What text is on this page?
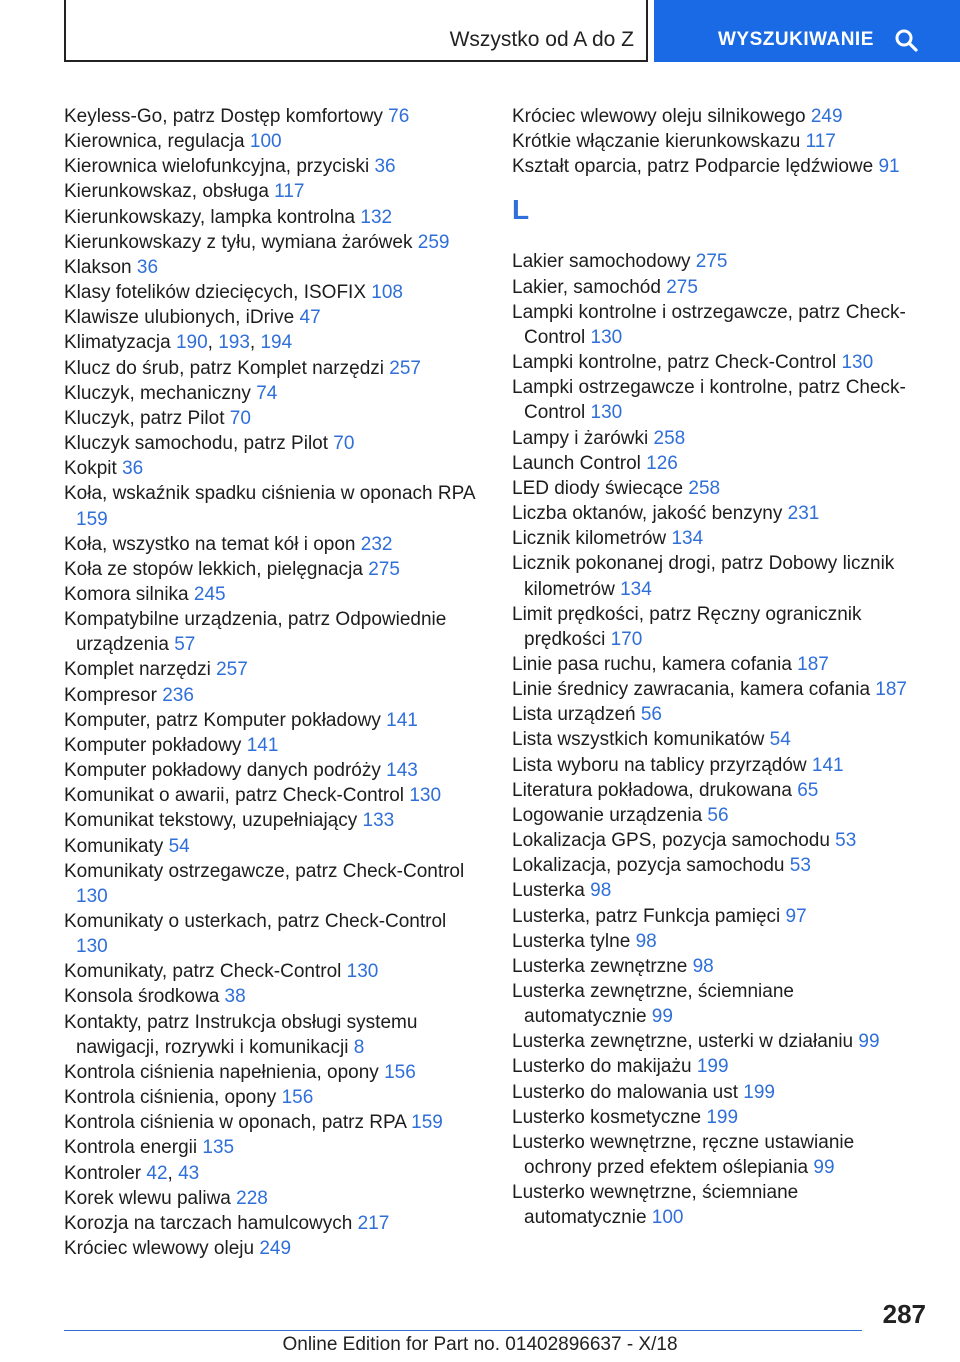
Wszystko od A do Z	WYSZUKIWANIE

Keyless-Go, patrz Dostęp komfortowy 76

Kierownica, regulacja 100

Kierownica wielofunkcyjna, przyciski 36

Kierunkowskaz, obsługa 117

Kierunkowskazy, lampka kontrolna 132

Kierunkowskazy z tyłu, wymiana żarówek 259

Klakson 36

Klasy fotelików dziecięcych, ISOFIX 108

Klawisze ulubionych, iDrive 47

Klimatyzacja 190, 193, 194

Klucz do śrub, patrz Komplet narzędzi 257

Kluczyk, mechaniczny 74

Kluczyk, patrz Pilot 70

Kluczyk samochodu, patrz Pilot 70

Kokpit 36

Koła, wskaźnik spadku ciśnienia w oponach RPA 159

Koła, wszystko na temat kół i opon 232

Koła ze stopów lekkich, pielęgnacja 275

Komora silnika 245

Kompatybilne urządzenia, patrz Odpowiednie urządzenia 57

Komplet narzędzi 257

Kompresor 236

Komputer, patrz Komputer pokładowy 141

Komputer pokładowy 141

Komputer pokładowy danych podróży 143

Komunikat o awarii, patrz Check-Control 130

Komunikat tekstowy, uzupełniający 133

Komunikaty 54

Komunikaty ostrzegawcze, patrz Check-Control 130

Komunikaty o usterkach, patrz Check-Control 130

Komunikaty, patrz Check-Control 130

Konsola środkowa 38

Kontakty, patrz Instrukcja obsługi systemu nawigacji, rozrywki i komunikacji 8

Kontrola ciśnienia napełnienia, opony 156

Kontrola ciśnienia, opony 156

Kontrola ciśnienia w oponach, patrz RPA 159

Kontrola energii 135

Kontroler 42, 43

Korek wlewu paliwa 228

Korozja na tarczach hamulcowych 217

Króciec wlewowy oleju 249

Króciec wlewowy oleju silnikowego 249

Krótkie włączanie kierunkowskazu 117

Kształt oparcia, patrz Podparcie lędźwiowe 91

L

Lakier samochodowy 275

Lakier, samochód 275

Lampki kontrolne i ostrzegawcze, patrz Check-Control 130

Lampki kontrolne, patrz Check-Control 130

Lampki ostrzegawcze i kontrolne, patrz Check-Control 130

Lampy i żarówki 258

Launch Control 126

LED diody świecące 258

Liczba oktanów, jakość benzyny 231

Licznik kilometrów 134

Licznik pokonanej drogi, patrz Dobowy licznik kilometrów 134

Limit prędkości, patrz Ręczny ogranicznik prędkości 170

Linie pasa ruchu, kamera cofania 187

Linie średnicy zawracania, kamera cofania 187

Lista urządzeń 56

Lista wszystkich komunikatów 54

Lista wyboru na tablicy przyrządów 141

Literatura pokładowa, drukowana 65

Logowanie urządzenia 56

Lokalizacja GPS, pozycja samochodu 53

Lokalizacja, pozycja samochodu 53

Lusterka 98

Lusterka, patrz Funkcja pamięci 97

Lusterka tylne 98

Lusterka zewnętrzne 98

Lusterka zewnętrzne, ściemniane automatycznie 99

Lusterka zewnętrzne, usterki w działaniu 99

Lusterko do makijażu 199

Lusterko do malowania ust 199

Lusterko kosmetyczne 199

Lusterko wewnętrzne, ręczne ustawianie ochrony przed efektem oślepiania 99

Lusterko wewnętrzne, ściemniane automatycznie 100

287
Online Edition for Part no. 01402896637 - X/18
